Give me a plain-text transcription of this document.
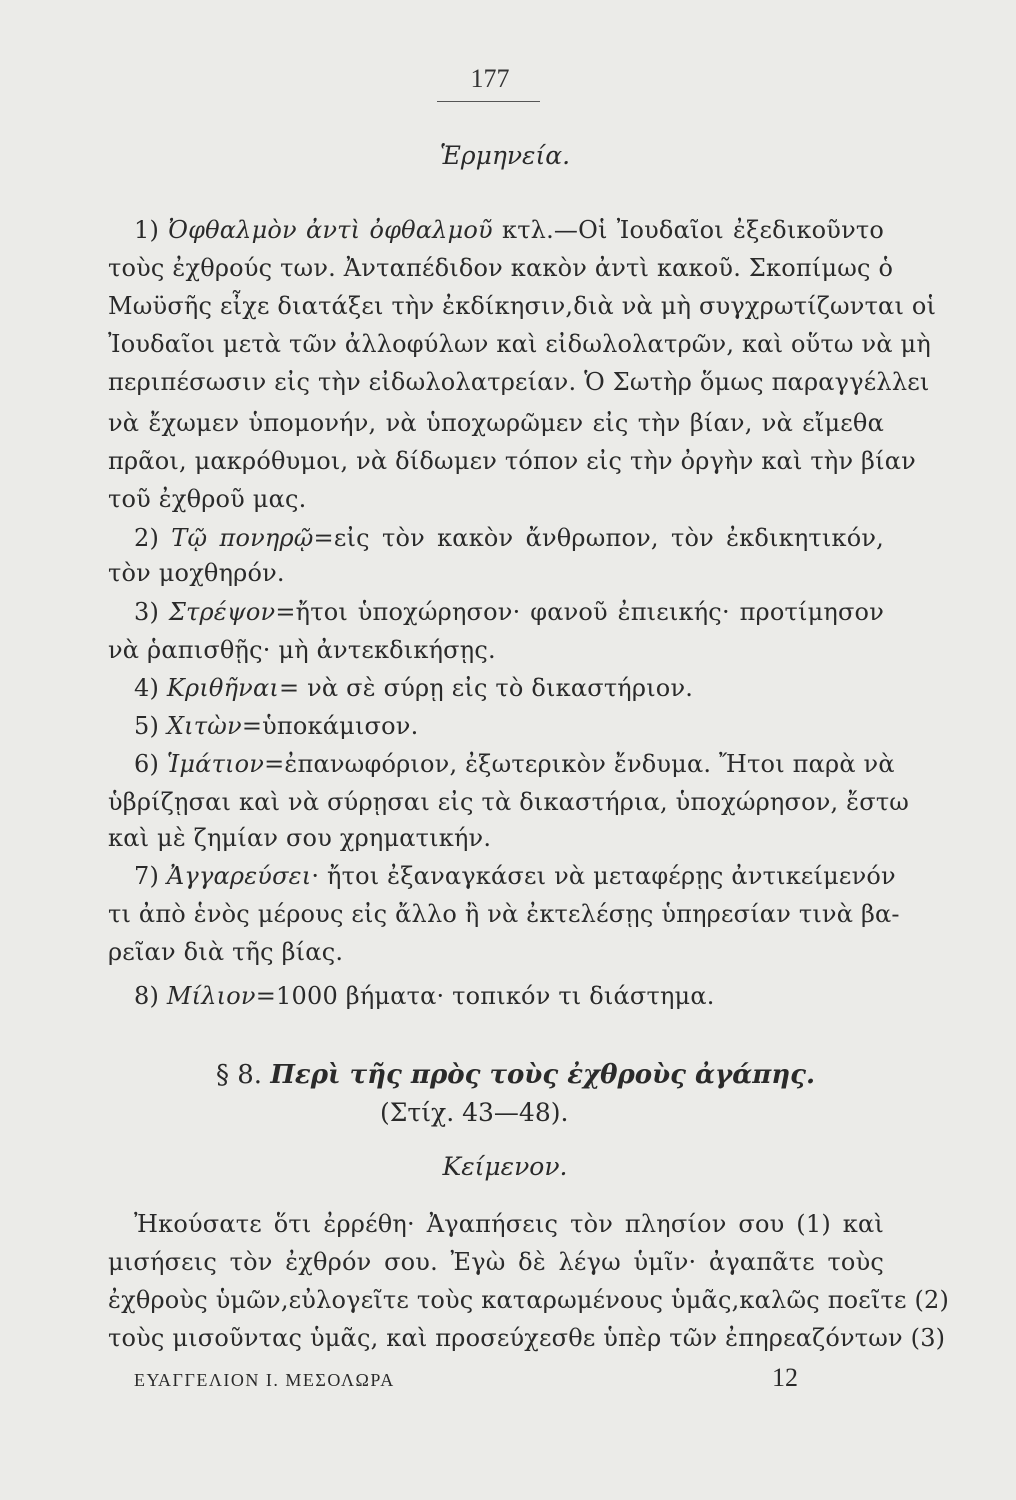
177
Ἑρμηνεία.
1) Ὀφθαλμὸν ἀντὶ ὀφθαλμοῦ κτλ.—Οἱ Ἰουδαῖοι ἐξεδικοῦντο
τοὺς ἐχθρούς των. Ἀνταπέδιδον κακὸν ἀντὶ κακοῦ. Σκοπίμως ὁ
Μωϋσῆς εἶχε διατάξει τὴν ἐκδίκησιν,διὰ νὰ μὴ συγχρωτίζωνται οἱ
Ἰουδαῖοι μετὰ τῶν ἀλλοφύλων καὶ εἰδωλολατρῶν, καὶ οὕτω νὰ μὴ
περιπέσωσιν εἰς τὴν εἰδωλολατρείαν. Ὁ Σωτὴρ ὅμως παραγγέλλει
νὰ ἔχωμεν ὑπομονήν, νὰ ὑποχωρῶμεν εἰς τὴν βίαν, νὰ εἴμεθα
πρᾶοι, μακρόθυμοι, νὰ δίδωμεν τόπον εἰς τὴν ὀργὴν καὶ τὴν βίαν
τοῦ ἐχθροῦ μας.
2) Τῷ πονηρῷ=εἰς τὸν κακὸν ἄνθρωπον, τὸν ἐκδικητικόν,
τὸν μοχθηρόν.
3) Στρέψον=ἤτοι ὑποχώρησον· φανοῦ ἐπιεικής· προτίμησον
νὰ ῥαπισθῇς· μὴ ἀντεκδικήσῃς.
4) Κριθῆναι= νὰ σὲ σύρῃ εἰς τὸ δικαστήριον.
5) Χιτὼν=ὑποκάμισον.
6) Ἱμάτιον=ἐπανωφόριον, ἐξωτερικὸν ἔνδυμα. Ἤτοι παρὰ νὰ
ὑβρίζῃσαι καὶ νὰ σύρῃσαι εἰς τὰ δικαστήρια, ὑποχώρησον, ἔστω
καὶ μὲ ζημίαν σου χρηματικήν.
7) Ἀγγαρεύσει· ἤτοι ἐξαναγκάσει νὰ μεταφέρῃς ἀντικείμενόν
τι ἀπὸ ἑνὸς μέρους εἰς ἄλλο ἢ νὰ ἐκτελέσῃς ὑπηρεσίαν τινὰ βα-
ρεῖαν διὰ τῆς βίας.
8) Μίλιον=1000 βήματα· τοπικόν τι διάστημα.
§ 8. Περὶ τῆς πρὸς τοὺς ἐχθροὺς ἀγάπης.
(Στίχ. 43—48).
Κείμενον.
Ἠκούσατε ὅτι ἐρρέθη· Ἀγαπήσεις τὸν πλησίον σου (1) καὶ
μισήσεις τὸν ἐχθρόν σου. Ἐγὼ δὲ λέγω ὑμῖν· ἀγαπᾶτε τοὺς
ἐχθροὺς ὑμῶν,εὐλογεῖτε τοὺς καταρωμένους ὑμᾶς,καλῶς ποεῖτε (2)
τοὺς μισοῦντας ὑμᾶς, καὶ προσεύχεσθε ὑπὲρ τῶν ἐπηρεαζόντων (3)
ΕΥΑΓΓΕΛΙΟΝ Ι. ΜΕΣΟΛΩΡΑ	12
